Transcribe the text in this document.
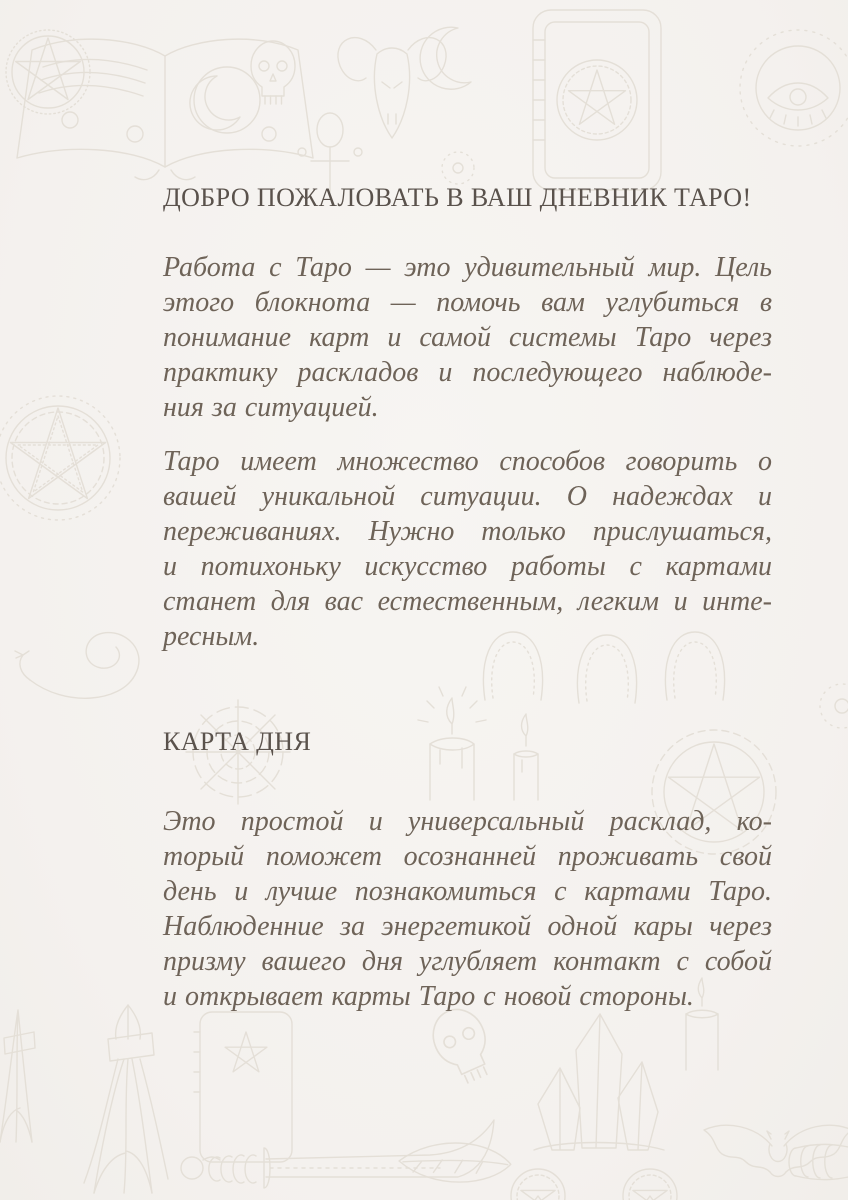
ДОБРО ПОЖАЛОВАТЬ В ВАШ ДНЕВНИК ТАРО!
Работа с Таро — это удивительный мир. Цель
этого блокнота — помочь вам углубиться в
понимание карт и самой системы Таро через
практику раскладов и последующего наблюде-
ния за ситуацией.
Таро имеет множество способов говорить о
вашей уникальной ситуации. О надеждах и
переживаниях. Нужно только прислушаться,
и потихоньку искусство работы с картами
станет для вас естественным, легким и инте-
ресным.
КАРТА ДНЯ
Это простой и универсальный расклад, ко-
торый поможет осознанней проживать свой
день и лучше познакомиться с картами Таро.
Наблюденние за энергетикой одной кары через
призму вашего дня углубляет контакт с собой
и открывает карты Таро с новой стороны.
